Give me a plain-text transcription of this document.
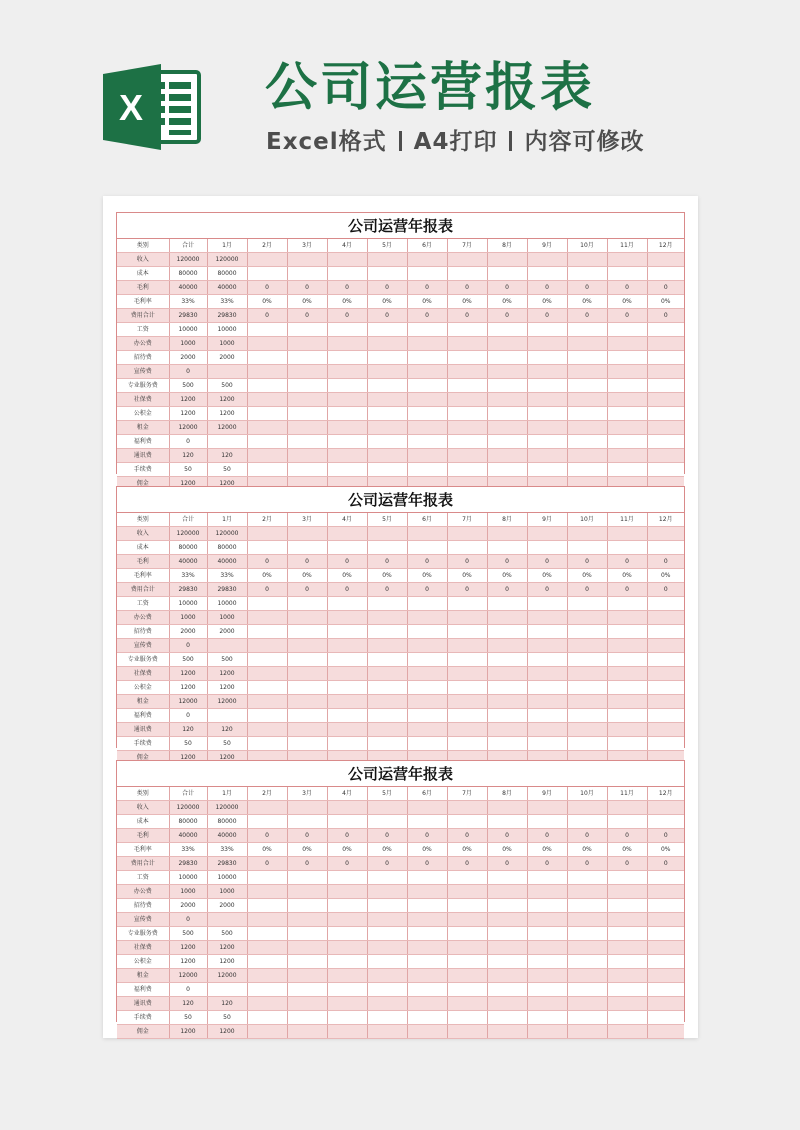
X 公司运营报表
Excel格式 A4打印 内容可修改
公司运营年报表
类别	合计	1月	2月	3月	4月	5月	6月	7月	8月	9月	10月	11月	12月
收入	120000	120000											
成本	80000	80000											
毛利	40000	40000	0	0	0	0	0	0	0	0	0	0	0
毛利率	33%	33%	0%	0%	0%	0%	0%	0%	0%	0%	0%	0%	0%
费用合计	29830	29830	0	0	0	0	0	0	0	0	0	0	0
工资	10000	10000											
办公费	1000	1000											
招待费	2000	2000											
宣传费	0												
专业服务费	500	500											
社保费	1200	1200											
公积金	1200	1200											
租金	12000	12000											
福利费	0												
通讯费	120	120											
手续费	50	50											
佣金	1200	1200											
公司运营年报表
类别	合计	1月	2月	3月	4月	5月	6月	7月	8月	9月	10月	11月	12月
收入	120000	120000											
成本	80000	80000											
毛利	40000	40000	0	0	0	0	0	0	0	0	0	0	0
毛利率	33%	33%	0%	0%	0%	0%	0%	0%	0%	0%	0%	0%	0%
费用合计	29830	29830	0	0	0	0	0	0	0	0	0	0	0
工资	10000	10000											
办公费	1000	1000											
招待费	2000	2000											
宣传费	0												
专业服务费	500	500											
社保费	1200	1200											
公积金	1200	1200											
租金	12000	12000											
福利费	0												
通讯费	120	120											
手续费	50	50											
佣金	1200	1200											
公司运营年报表
类别	合计	1月	2月	3月	4月	5月	6月	7月	8月	9月	10月	11月	12月
收入	120000	120000											
成本	80000	80000											
毛利	40000	40000	0	0	0	0	0	0	0	0	0	0	0
毛利率	33%	33%	0%	0%	0%	0%	0%	0%	0%	0%	0%	0%	0%
费用合计	29830	29830	0	0	0	0	0	0	0	0	0	0	0
工资	10000	10000											
办公费	1000	1000											
招待费	2000	2000											
宣传费	0												
专业服务费	500	500											
社保费	1200	1200											
公积金	1200	1200											
租金	12000	12000											
福利费	0												
通讯费	120	120											
手续费	50	50											
佣金	1200	1200											
